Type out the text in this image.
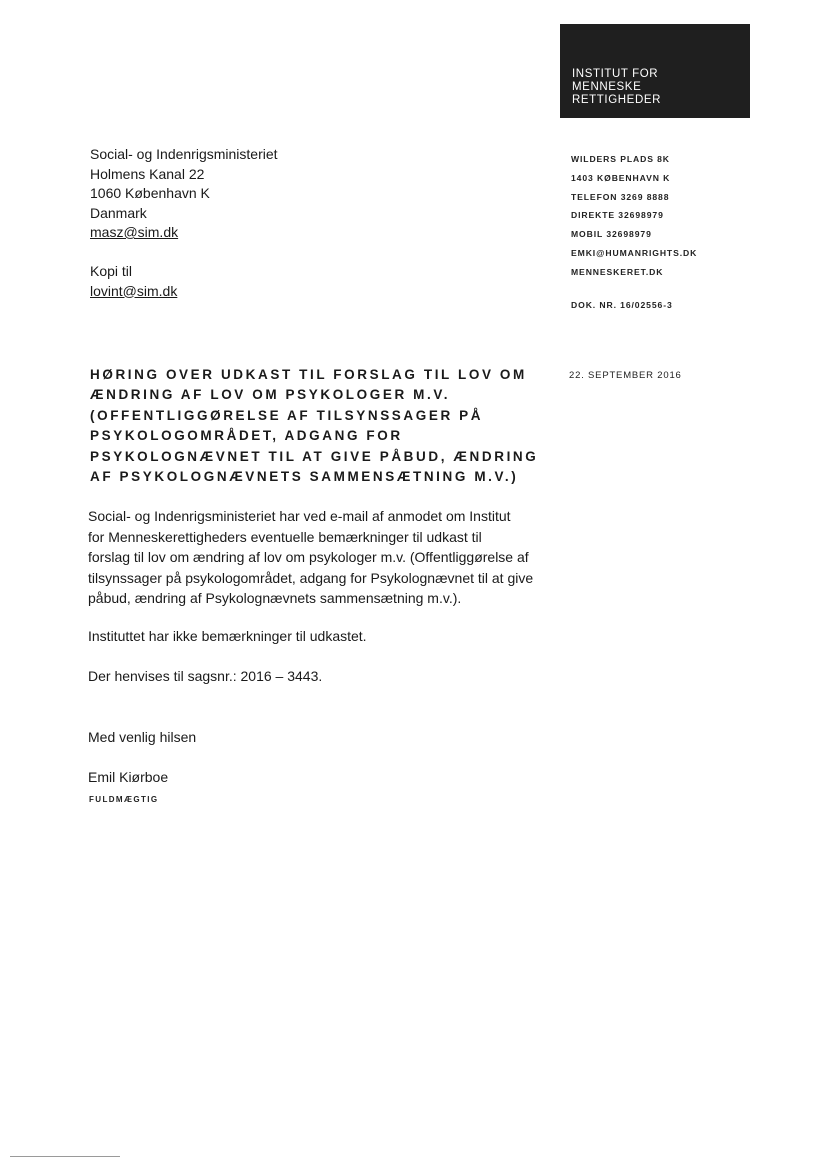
INSTITUT FOR
MENNESKE
RETTIGHEDER

Social- og Indenrigsministeriet
Holmens Kanal 22
1060 København K
Danmark
masz@sim.dk
Kopi til
lovint@sim.dk
WILDERS PLADS 8K
1403 KØBENHAVN K
TELEFON 3269 8888
DIREKTE 32698979
MOBIL 32698979
EMKI@HUMANRIGHTS.DK
MENNESKERET.DK
DOK. NR. 16/02556-3
22. SEPTEMBER 2016
HØRING OVER UDKAST TIL FORSLAG TIL LOV OM
ÆNDRING AF LOV OM PSYKOLOGER M.V.
(OFFENTLIGGØRELSE AF TILSYNSSAGER PÅ
PSYKOLOGOMRÅDET, ADGANG FOR
PSYKOLOGNÆVNET TIL AT GIVE PÅBUD, ÆNDRING
AF PSYKOLOGNÆVNETS SAMMENSÆTNING M.V.)
Social- og Indenrigsministeriet har ved e-mail af anmodet om Institut
for Menneskerettigheders eventuelle bemærkninger til udkast til
forslag til lov om ændring af lov om psykologer m.v. (Offentliggørelse af
tilsynssager på psykologområdet, adgang for Psykolognævnet til at give
påbud, ændring af Psykolognævnets sammensætning m.v.).
Instituttet har ikke bemærkninger til udkastet.
Der henvises til sagsnr.: 2016 – 3443.
Med venlig hilsen
Emil Kiørboe
FULDMÆGTIG
